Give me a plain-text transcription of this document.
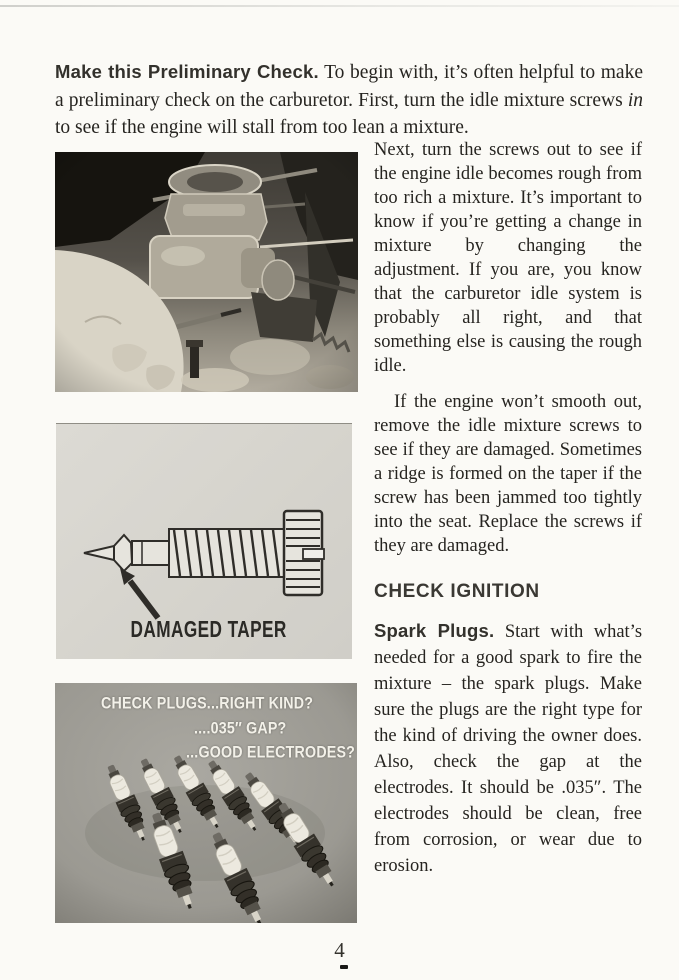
Make this Preliminary Check. To begin with, it’s often helpful to make a preliminary check on the carburetor. First, turn the idle mixture screws in to see if the engine will stall from too lean a mixture.

DAMAGED TAPER
CHECK PLUGS...RIGHT KIND?
....035″ GAP?
...GOOD ELECTRODES?

Next, turn the screws out to see if the engine idle becomes rough from too rich a mixture. It’s important to know if you’re getting a change in mixture by changing the adjustment. If you are, you know that the carburetor idle system is probably all right, and that something else is causing the rough idle.

If the engine won’t smooth out, remove the idle mixture screws to see if they are damaged. Sometimes a ridge is formed on the taper if the screw has been jammed too tightly into the seat. Replace the screws if they are damaged.

CHECK IGNITION

Spark Plugs. Start with what’s needed for a good spark to fire the mixture – the spark plugs. Make sure the plugs are the right type for the kind of driving the owner does. Also, check the gap at the electrodes. It should be .035″. The electrodes should be clean, free from corrosion, or wear due to erosion.

4
